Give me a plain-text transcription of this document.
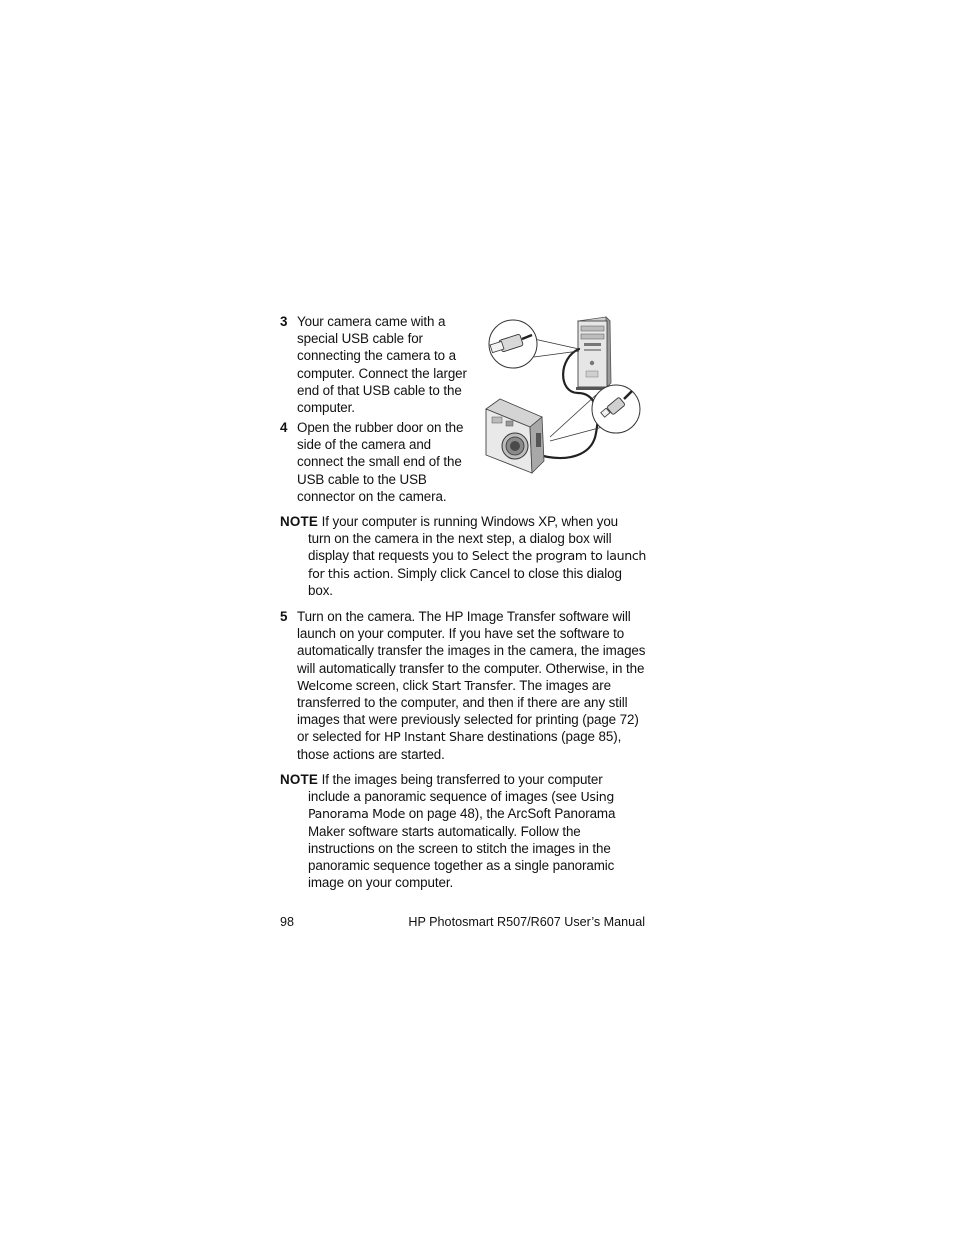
3 Your camera came with a
special USB cable for
connecting the camera to a
computer. Connect the larger
end of that USB cable to the
computer.
4 Open the rubber door on the
side of the camera and
connect the small end of the
USB cable to the USB
connector on the camera.
NOTE If your computer is running Windows XP, when you
turn on the camera in the next step, a dialog box will
display that requests you to Select the program to launch
for this action. Simply click Cancel to close this dialog
box.
5 Turn on the camera. The HP Image Transfer software will
launch on your computer. If you have set the software to
automatically transfer the images in the camera, the images
will automatically transfer to the computer. Otherwise, in the
Welcome screen, click Start Transfer. The images are
transferred to the computer, and then if there are any still
images that were previously selected for printing (page 72)
or selected for HP Instant Share destinations (page 85),
those actions are started.
NOTE If the images being transferred to your computer
include a panoramic sequence of images (see Using
Panorama Mode on page 48), the ArcSoft Panorama
Maker software starts automatically. Follow the
instructions on the screen to stitch the images in the
panoramic sequence together as a single panoramic
image on your computer.
98	HP Photosmart R507/R607 User’s Manual
